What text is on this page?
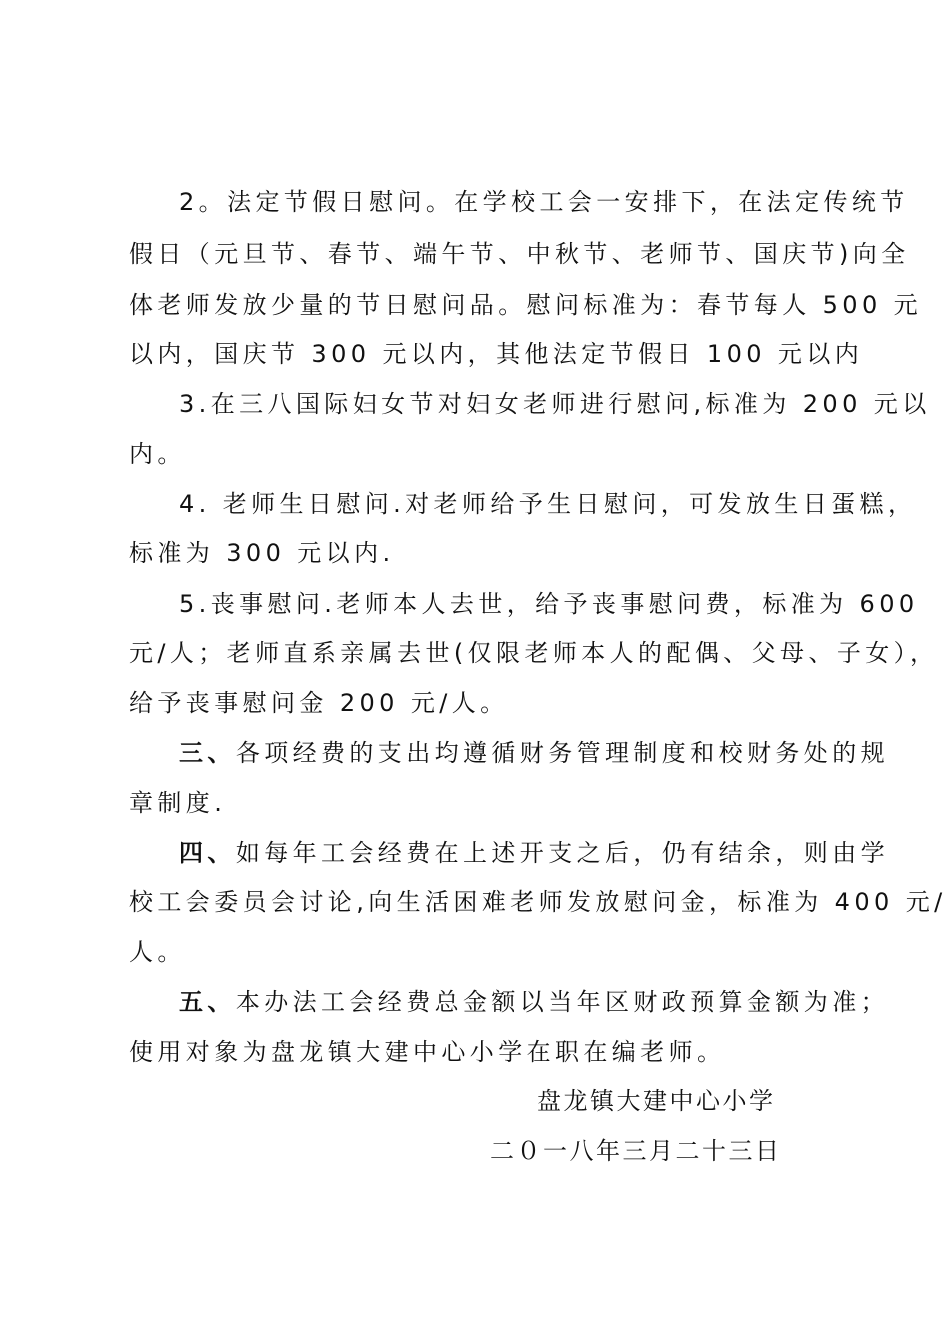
2。法定节假日慰问。在学校工会一安排下，在法定传统节
假日（元旦节、春节、端午节、中秋节、老师节、国庆节)向全
体老师发放少量的节日慰问品。慰问标准为：春节每人 500 元
以内，国庆节 300 元以内，其他法定节假日 100 元以内
3.在三八国际妇女节对妇女老师进行慰问,标准为 200 元以
内。
4. 老师生日慰问.对老师给予生日慰问，可发放生日蛋糕，
标准为 300 元以内.
5.丧事慰问.老师本人去世，给予丧事慰问费，标准为 600
元/人；老师直系亲属去世(仅限老师本人的配偶、父母、子女），
给予丧事慰问金 200 元/人。
三、各项经费的支出均遵循财务管理制度和校财务处的规
章制度.
四、如每年工会经费在上述开支之后，仍有结余，则由学
校工会委员会讨论,向生活困难老师发放慰问金，标准为 400 元/
人。
五、本办法工会经费总金额以当年区财政预算金额为准；
使用对象为盘龙镇大建中心小学在职在编老师。
盘龙镇大建中心小学
二０一八年三月二十三日
